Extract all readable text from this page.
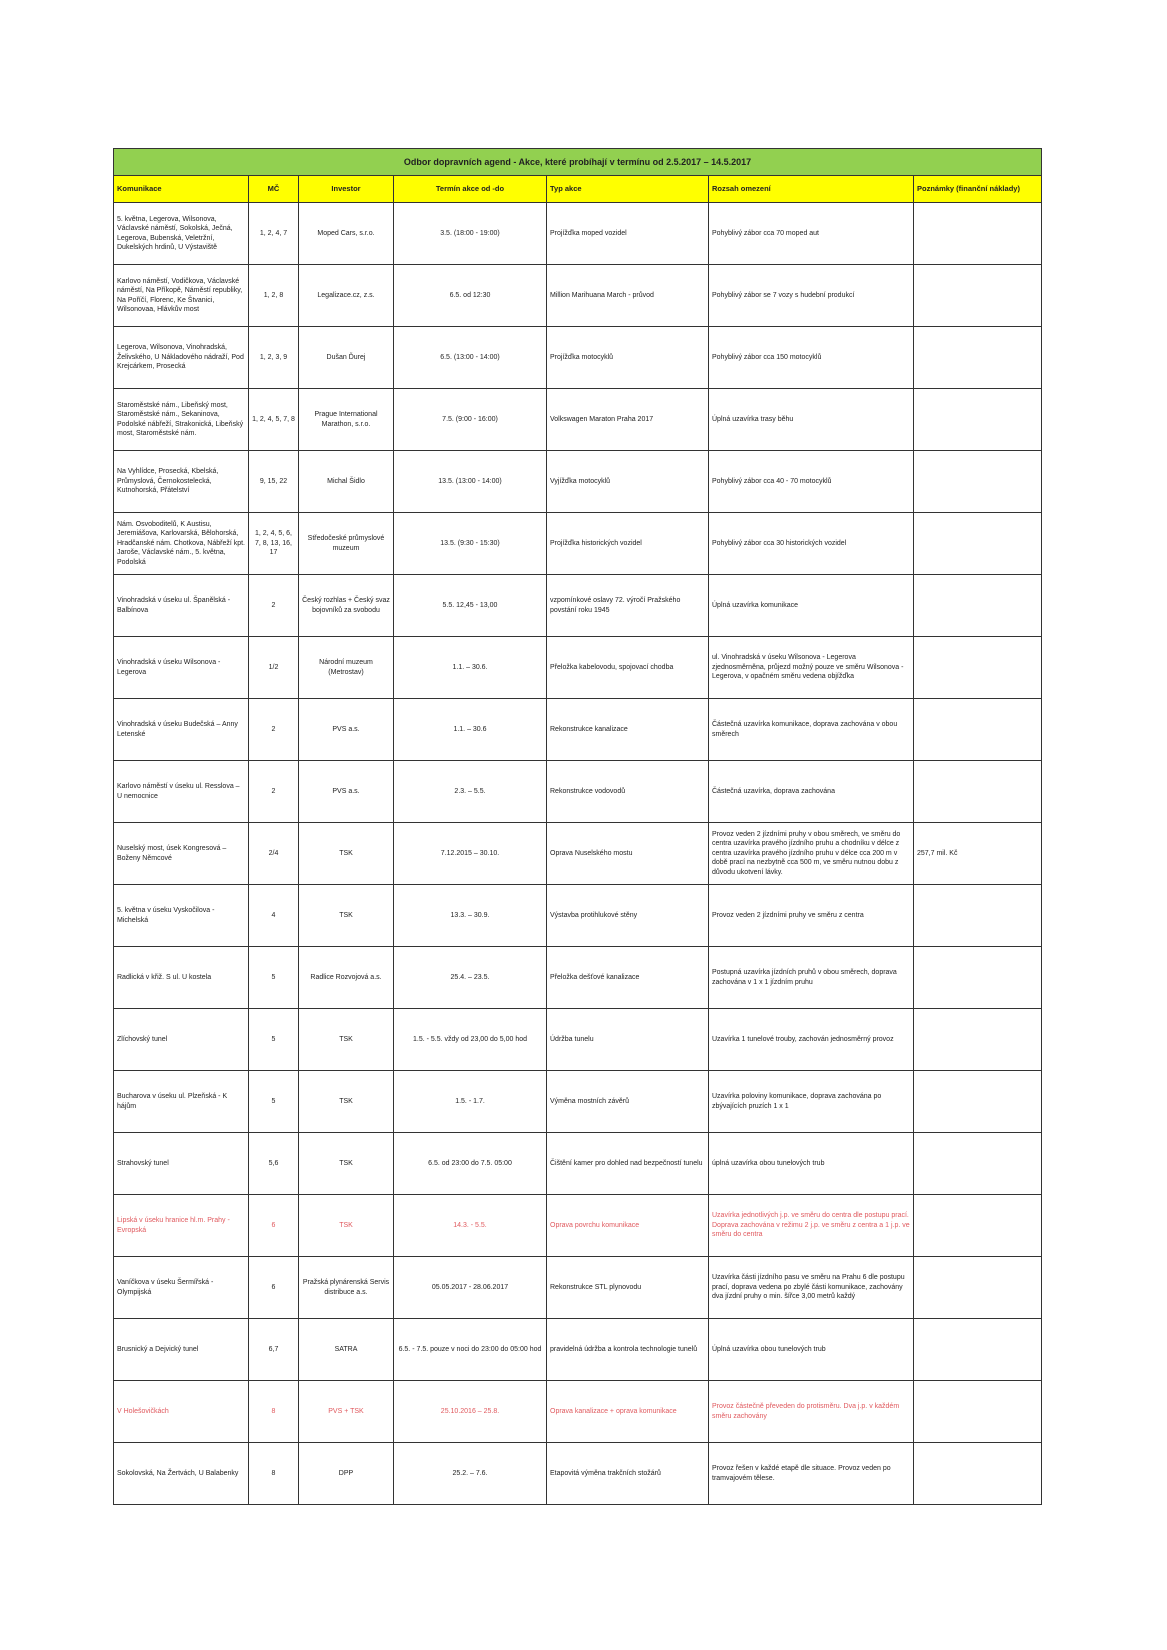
Odbor dopravních agend - Akce, které probíhají v termínu od 2.5.2017 – 14.5.2017						
Komunikace	MČ	Investor	Termín akce od -do	Typ akce	Rozsah omezení	Poznámky (finanční náklady)
5. května, Legerova, Wilsonova, Václavské náměstí, Sokolská, Ječná, Legerova, Bubenská, Veletržní, Dukelských hrdinů, U Výstaviště	1, 2, 4, 7	Moped Cars, s.r.o.	3.5. (18:00 - 19:00)	Projížďka moped vozidel	Pohyblivý zábor cca 70 moped aut	
Karlovo náměstí, Vodičkova, Václavské náměstí, Na Příkopě, Náměstí republiky, Na Poříčí, Florenc, Ke Štvanici, Wilsonovaa, Hlávkův most	1, 2, 8	Legalizace.cz, z.s.	6.5. od 12:30	Million Marihuana March - průvod	Pohyblivý zábor se 7 vozy s hudební produkcí	
Legerova, Wilsonova, Vinohradská, Želivského, U Nákladového nádraží, Pod Krejcárkem, Prosecká	1, 2, 3, 9	Dušan Ďurej	6.5. (13:00 - 14:00)	Projížďka motocyklů	Pohyblivý zábor cca 150 motocyklů	
Staroměstské nám., Libeňský most, Staroměstské nám., Sekaninova, Podolské nábřeží, Strakonická, Libeňský most, Staroměstské nám.	1, 2, 4, 5, 7, 8	Prague International Marathon, s.r.o.	7.5. (9:00 - 16:00)	Volkswagen Maraton Praha 2017	Úplná uzavírka trasy běhu	
Na Vyhlídce, Prosecká, Kbelská, Průmyslová, Černokostelecká, Kutnohorská, Přátelství	9, 15, 22	Michal Šidlo	13.5. (13:00 - 14:00)	Vyjížďka motocyklů	Pohyblivý zábor cca 40 - 70 motocyklů	
Nám. Osvoboditelů, K Austisu, Jeremiášova, Karlovarská, Bělohorská, Hradčanské nám. Chotkova, Nábřeží kpt. Jaroše, Václavské nám., 5. května, Podolská	1, 2, 4, 5, 6, 7, 8, 13, 16, 17	Středočeské průmyslové muzeum	13.5. (9:30 - 15:30)	Projížďka historických vozidel	Pohyblivý zábor cca 30 historických vozidel	
Vinohradská v úseku ul. Španělská - Balbínova	2	Český rozhlas + Český svaz bojovníků za svobodu	5.5. 12,45 - 13,00	vzpomínkové oslavy 72. výročí Pražského povstání roku 1945	Úplná uzavírka komunikace	
Vinohradská v úseku Wilsonova - Legerova	1/2	Národní muzeum (Metrostav)	1.1. – 30.6.	Přeložka kabelovodu, spojovací chodba	ul. Vinohradská v úseku Wilsonova - Legerova zjednosměrněna, průjezd možný pouze ve směru Wilsonova - Legerova, v opačném směru vedena objížďka	
Vinohradská v úseku Budečská – Anny Letenské	2	PVS a.s.	1.1. – 30.6	Rekonstrukce kanalizace	Částečná uzavírka komunikace, doprava zachována v obou směrech	
Karlovo náměstí v úseku ul. Resslova – U nemocnice	2	PVS a.s.	2.3. – 5.5.	Rekonstrukce vodovodů	Částečná uzavírka, doprava zachována	
Nuselský most, úsek Kongresová – Boženy Němcové	2/4	TSK	7.12.2015 – 30.10.	Oprava Nuselského mostu	Provoz veden 2 jízdními pruhy v obou směrech, ve směru do centra uzavírka pravého jízdního pruhu a chodníku v délce z centra uzavírka pravého jízdního pruhu v délce cca 200 m v době prací na nezbytně cca 500 m, ve směru nutnou dobu z důvodu ukotvení lávky.	257,7 mil. Kč
5. května v úseku Vyskočilova - Michelská	4	TSK	13.3. – 30.9.	Výstavba protihlukové stěny	Provoz veden 2 jízdními pruhy ve směru z centra	
Radlická v křiž. S ul. U kostela	5	Radlice Rozvojová a.s.	25.4. – 23.5.	Přeložka dešťové kanalizace	Postupná uzavírka jízdních pruhů v obou směrech, doprava zachována v 1 x 1 jízdním pruhu	
Zlíchovský tunel	5	TSK	1.5. - 5.5. vždy od 23,00 do 5,00 hod	Údržba tunelu	Uzavírka 1 tunelové trouby, zachován jednosměrný provoz	
Bucharova v úseku ul. Plzeňská - K hájům	5	TSK	1.5. - 1.7.	Výměna mostních závěrů	Uzavírka poloviny komunikace, doprava zachována po zbývajících pruzích 1 x 1	
Strahovský tunel	5,6	TSK	6.5. od 23:00 do 7.5. 05:00	Čištění kamer pro dohled nad bezpečností tunelu	úplná uzavírka obou tunelových trub	
Lipská v úseku hranice hl.m. Prahy - Evropská	6	TSK	14.3. - 5.5.	Oprava povrchu komunikace	Uzavírka jednotlivých j.p. ve směru do centra dle postupu prací. Doprava zachována v režimu 2 j.p. ve směru z centra a 1 j.p. ve směru do centra	
Vaníčkova v úseku Šermířská - Olympijská	6	Pražská plynárenská Servis distribuce a.s.	05.05.2017 - 28.06.2017	Rekonstrukce STL plynovodu	Uzavírka části jízdního pasu ve směru na Prahu 6 dle postupu prací, doprava vedena po zbylé části komunikace, zachovány dva jízdní pruhy o min. šířce 3,00 metrů každý	
Brusnický a Dejvický tunel	6,7	SATRA	6.5. - 7.5. pouze v noci do 23:00 do 05:00 hod	pravidelná údržba a kontrola technologie tunelů	Úplná uzavírka obou tunelových trub	
V Holešovičkách	8	PVS + TSK	25.10.2016 – 25.8.	Oprava kanalizace + oprava komunikace	Provoz částečně převeden do protisměru. Dva j.p. v každém směru zachovány	
Sokolovská, Na Žertvách, U Balabenky	8	DPP	25.2. – 7.6.	Etapovitá výměna trakčních stožárů	Provoz řešen v každé etapě dle situace. Provoz veden po tramvajovém tělese.	
